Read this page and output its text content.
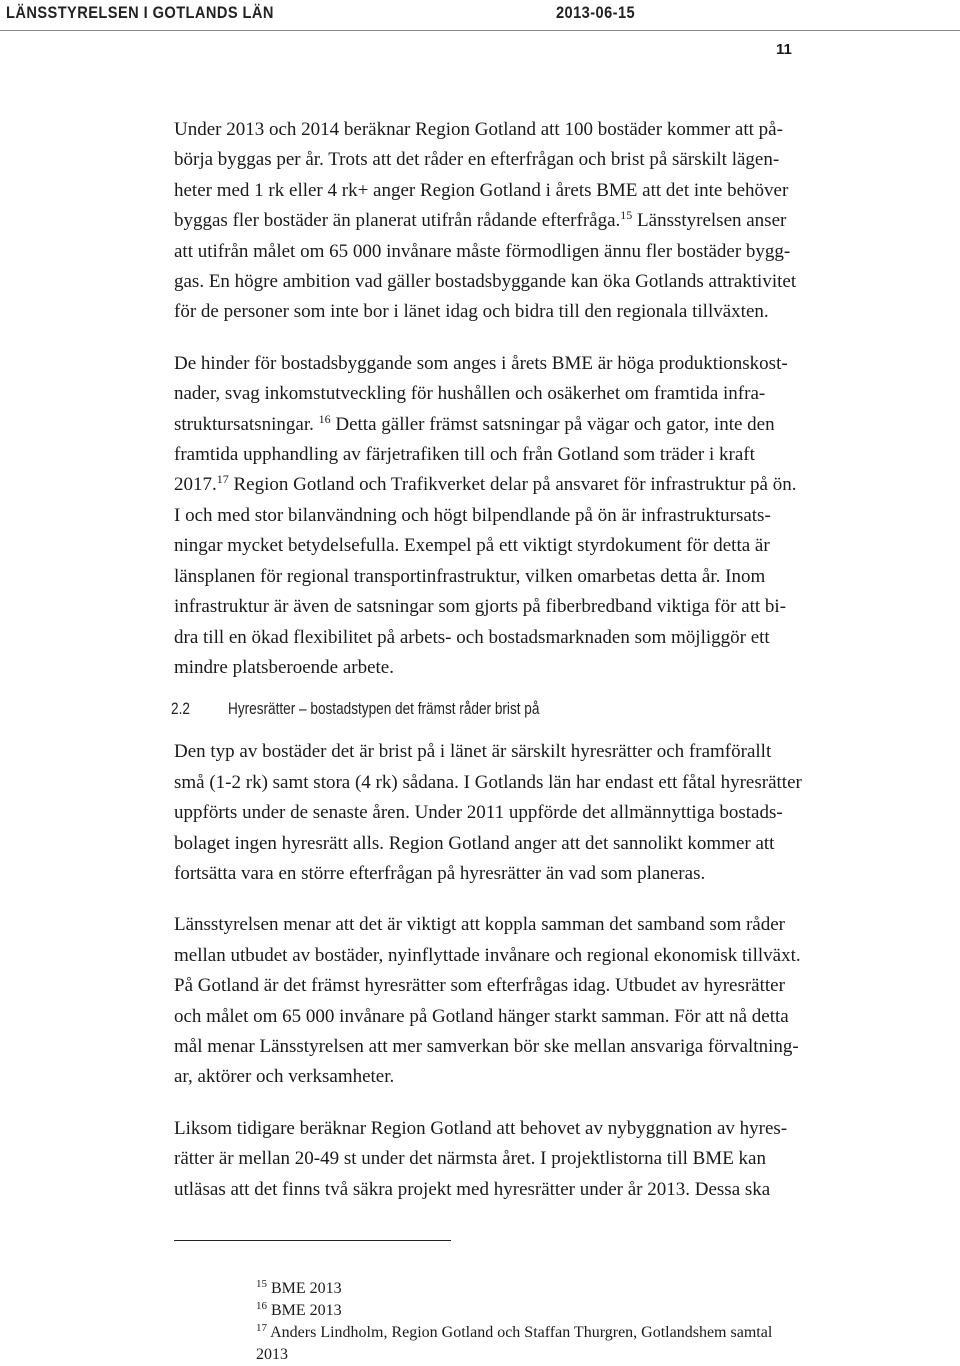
LÄNSSTYRELSEN I GOTLANDS LÄN	2013-06-15
11

Under 2013 och 2014 beräknar Region Gotland att 100 bostäder kommer att på-
börja byggas per år. Trots att det råder en efterfrågan och brist på särskilt lägen-
heter med 1 rk eller 4 rk+ anger Region Gotland i årets BME att det inte behöver
byggas fler bostäder än planerat utifrån rådande efterfråga.$^{15}$ Länsstyrelsen anser
att utifrån målet om 65 000 invånare måste förmodligen ännu fler bostäder bygg-
gas. En högre ambition vad gäller bostadsbyggande kan öka Gotlands attraktivitet
för de personer som inte bor i länet idag och bidra till den regionala tillväxten.

De hinder för bostadsbyggande som anges i årets BME är höga produktionskost-
nader, svag inkomstutveckling för hushållen och osäkerhet om framtida infra-
struktursatsningar. $^{16}$ Detta gäller främst satsningar på vägar och gator, inte den
framtida upphandling av färjetrafiken till och från Gotland som träder i kraft
2017.17 Region Gotland och Trafikverket delar på ansvaret för infrastruktur på ön.
I och med stor bilanvändning och högt bilpendlande på ön är infrastruktursats-
ningar mycket betydelsefulla. Exempel på ett viktigt styrdokument för detta är
länsplanen för regional transportinfrastruktur, vilken omarbetas detta år. Inom
infrastruktur är även de satsningar som gjorts på fiberbredband viktiga för att bi-
dra till en ökad flexibilitet på arbets- och bostadsmarknaden som möjliggör ett
mindre platsberoende arbete.

2.2 Hyresrätter – bostadstypen det främst råder brist på

Den typ av bostäder det är brist på i länet är särskilt hyresrätter och framförallt
små (1-2 rk) samt stora (4 rk) sådana. I Gotlands län har endast ett fåtal hyresrätter
uppförts under de senaste åren. Under 2011 uppförde det allmännyttiga bostads-
bolaget ingen hyresrätt alls. Region Gotland anger att det sannolikt kommer att
fortsätta vara en större efterfrågan på hyresrätter än vad som planeras.

Länsstyrelsen menar att det är viktigt att koppla samman det samband som råder
mellan utbudet av bostäder, nyinflyttade invånare och regional ekonomisk tillväxt.
På Gotland är det främst hyresrätter som efterfrågas idag. Utbudet av hyresrätter
och målet om 65 000 invånare på Gotland hänger starkt samman. För att nå detta
mål menar Länsstyrelsen att mer samverkan bör ske mellan ansvariga förvaltning-
ar, aktörer och verksamheter.

Liksom tidigare beräknar Region Gotland att behovet av nybyggnation av hyres-
rätter är mellan 20-49 st under det närmsta året. I projektlistorna till BME kan
utläsas att det finns två säkra projekt med hyresrätter under år 2013. Dessa ska

$^{15}$ BME 2013
$^{16}$ BME 2013
$^{17}$ Anders Lindholm, Region Gotland och Staffan Thurgren, Gotlandshem samtal
2013
